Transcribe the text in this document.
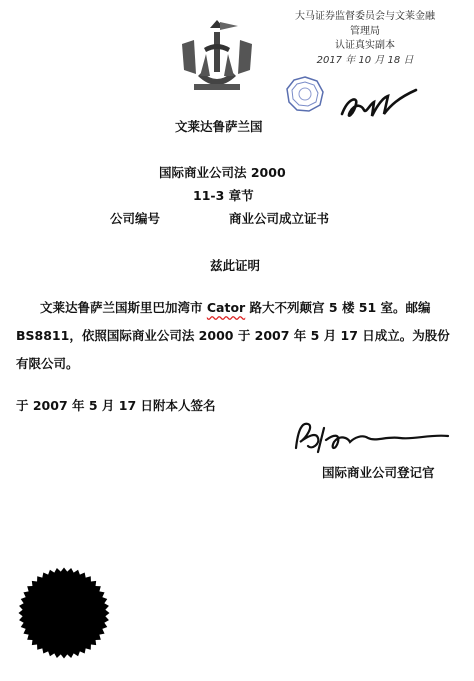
大马证券监督委员会与文莱金融
管理局
认证真实副本
2017 年 10 月 18 日
文莱达鲁萨兰国
国际商业公司法 2000
11-3 章节
公司编号	商业公司成立证书
兹此证明
文莱达鲁萨兰国斯里巴加湾市 Cator 路大不列颠宫 5 楼 51 室。邮编 BS8811，依照国际商业公司法 2000 于 2007 年 5 月 17 日成立。为股份有限公司。
于 2007 年 5 月 17 日附本人签名
国际商业公司登记官
